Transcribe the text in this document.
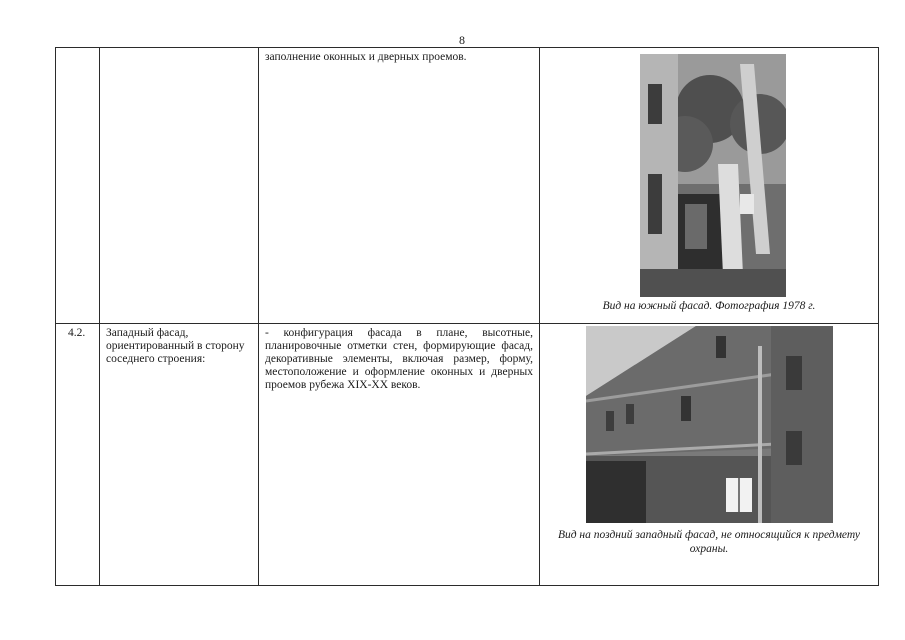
8

		заполнение оконных и дверных проемов.	Вид на южный фасад. Фотография 1978 г.

4.2.	Западный фасад, ориентированный в сторону соседнего строения:	- конфигурация фасада в плане, высотные, планировочные отметки стен, формирующие фасад, декоративные элементы, включая размер, форму, местоположение и оформление оконных и дверных проемов рубежа XIX-XX веков.	Вид на поздний западный фасад, не относящийся к предмету охраны.
